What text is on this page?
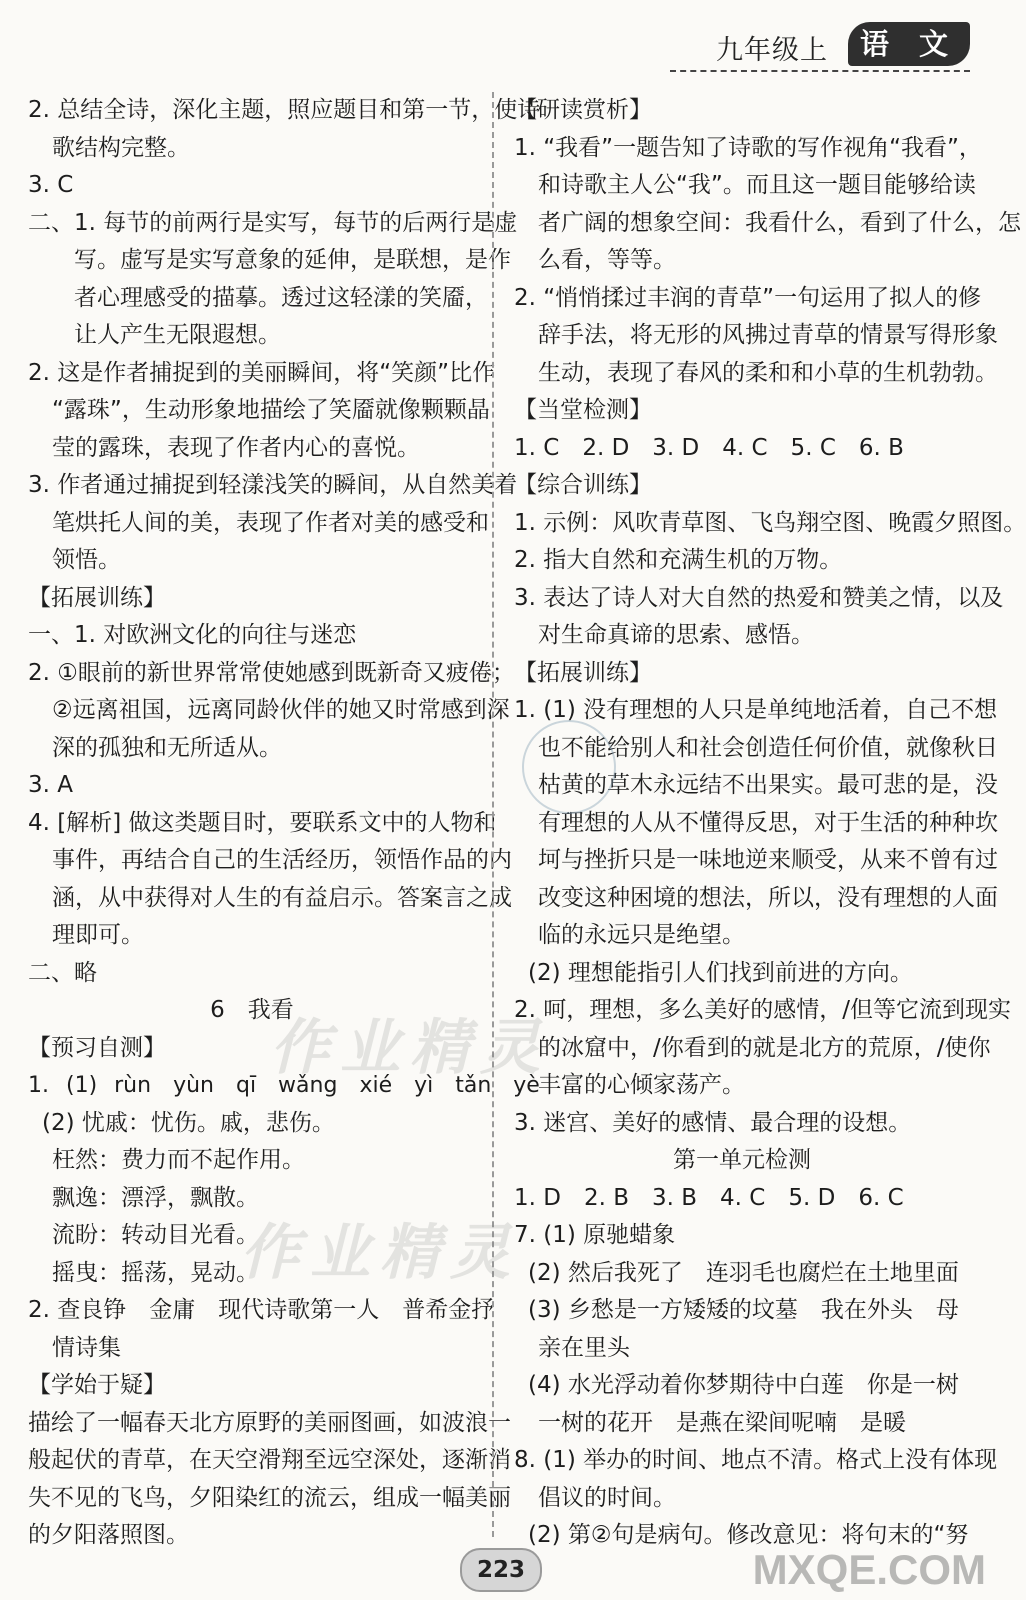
九年级上	语 文
2. 总结全诗，深化主题，照应题目和第一节，使诗
歌结构完整。
3. C
二、1. 每节的前两行是实写，每节的后两行是虚
写。虚写是实写意象的延伸，是联想，是作
者心理感受的描摹。透过这轻漾的笑靥，
让人产生无限遐想。
2. 这是作者捕捉到的美丽瞬间，将“笑颜”比作
“露珠”，生动形象地描绘了笑靥就像颗颗晶
莹的露珠，表现了作者内心的喜悦。
3. 作者通过捕捉到轻漾浅笑的瞬间，从自然美着
笔烘托人间的美，表现了作者对美的感受和
领悟。
【拓展训练】
一、1. 对欧洲文化的向往与迷恋
2. ①眼前的新世界常常使她感到既新奇又疲倦；
②远离祖国，远离同龄伙伴的她又时常感到深
深的孤独和无所适从。
3. A
4. [解析] 做这类题目时，要联系文中的人物和
事件，再结合自己的生活经历，领悟作品的内
涵，从中获得对人生的有益启示。答案言之成
理即可。
二、略
6　我看
【预习自测】
1. (1) rùn　yùn　qī　wǎng　xié　yì　tǎn　yè
(2) 忧戚：忧伤。戚，悲伤。
枉然：费力而不起作用。
飘逸：漂浮，飘散。
流盼：转动目光看。
摇曳：摇荡，晃动。
2. 查良铮　金庸　现代诗歌第一人　普希金抒
情诗集
【学始于疑】
描绘了一幅春天北方原野的美丽图画，如波浪一
般起伏的青草，在天空滑翔至远空深处，逐渐消
失不见的飞鸟，夕阳染红的流云，组成一幅美丽
的夕阳落照图。
【研读赏析】
1. “我看”一题告知了诗歌的写作视角“我看”，
和诗歌主人公“我”。而且这一题目能够给读
者广阔的想象空间：我看什么，看到了什么，怎
么看，等等。
2. “悄悄揉过丰润的青草”一句运用了拟人的修
辞手法，将无形的风拂过青草的情景写得形象
生动，表现了春风的柔和和小草的生机勃勃。
【当堂检测】
1. C　2. D　3. D　4. C　5. C　6. B
【综合训练】
1. 示例：风吹青草图、飞鸟翔空图、晚霞夕照图。
2. 指大自然和充满生机的万物。
3. 表达了诗人对大自然的热爱和赞美之情，以及
对生命真谛的思索、感悟。
【拓展训练】
1. (1) 没有理想的人只是单纯地活着，自己不想
也不能给别人和社会创造任何价值，就像秋日
枯黄的草木永远结不出果实。最可悲的是，没
有理想的人从不懂得反思，对于生活的种种坎
坷与挫折只是一味地逆来顺受，从来不曾有过
改变这种困境的想法，所以，没有理想的人面
临的永远只是绝望。
(2) 理想能指引人们找到前进的方向。
2. 呵，理想，多么美好的感情，/但等它流到现实
的冰窟中，/你看到的就是北方的荒原，/使你
丰富的心倾家荡产。
3. 迷宫、美好的感情、最合理的设想。
第一单元检测
1. D　2. B　3. B　4. C　5. D　6. C
7. (1) 原驰蜡象
(2) 然后我死了　连羽毛也腐烂在土地里面
(3) 乡愁是一方矮矮的坟墓　我在外头　母
亲在里头
(4) 水光浮动着你梦期待中白莲　你是一树
一树的花开　是燕在梁间呢喃　是暖
8. (1) 举办的时间、地点不清。格式上没有体现
倡议的时间。
(2) 第②句是病句。修改意见：将句末的“努
作业精灵
作业精灵
223	MXQE.COM
